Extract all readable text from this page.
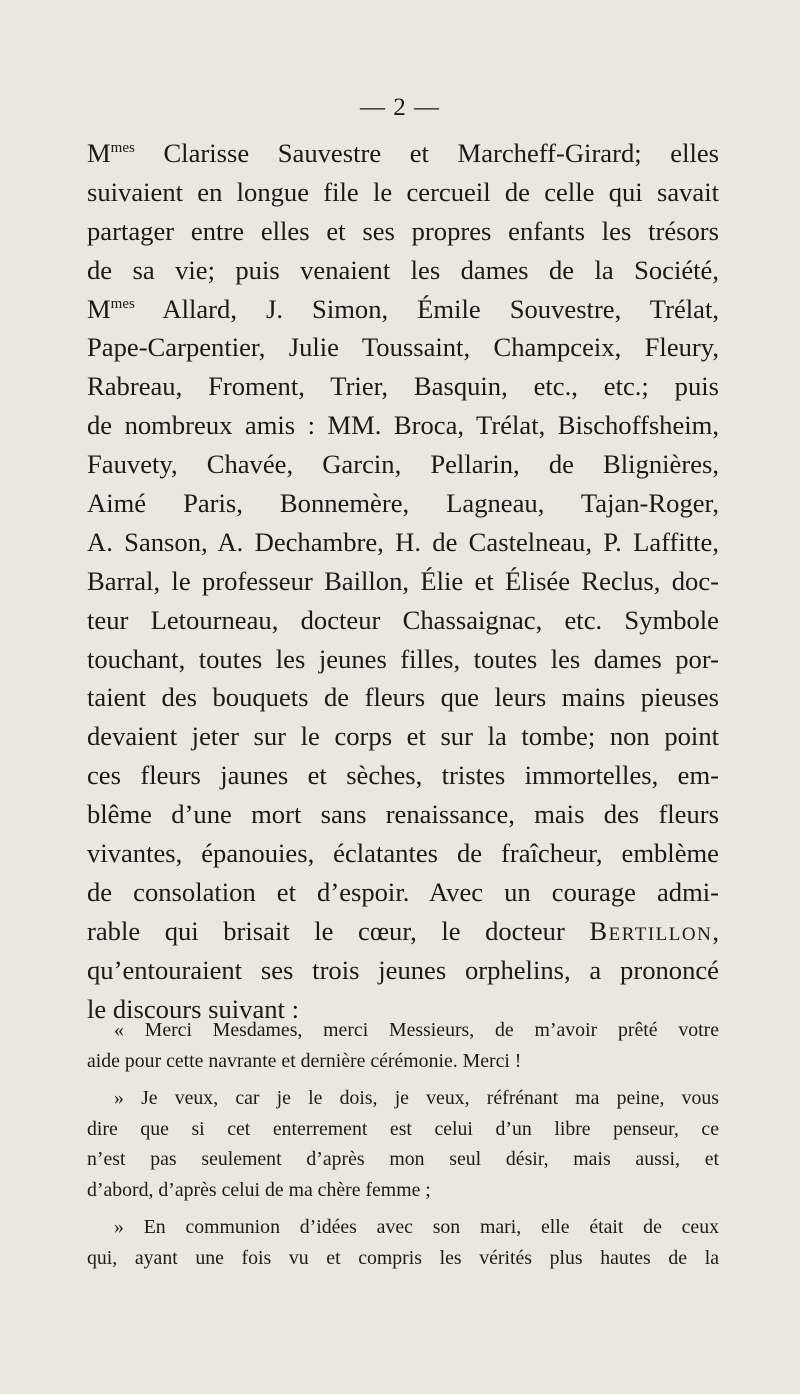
— 2 —
$M^{mes}$ Clarisse Sauvestre et Marcheff-Girard; elles
suivaient en longue file le cercueil de celle qui savait
partager entre elles et ses propres enfants les trésors
de sa vie; puis venaient les dames de la Société,
$M^{mes}$ Allard, J. Simon, Émile Souvestre, Trélat,
Pape-Carpentier, Julie Toussaint, Champceix, Fleury,
Rabreau, Froment, Trier, Basquin, etc., etc.; puis
de nombreux amis : MM. Broca, Trélat, Bischoffsheim,
Fauvety, Chavée, Garcin, Pellarin, de Blignières,
Aimé Paris, Bonnemère, Lagneau, Tajan-Roger,
A. Sanson, A. Dechambre, H. de Castelneau, P. Laffitte,
Barral, le professeur Baillon, Élie et Élisée Reclus, doc-
teur Letourneau, docteur Chassaignac, etc. Symbole
touchant, toutes les jeunes filles, toutes les dames por-
taient des bouquets de fleurs que leurs mains pieuses
devaient jeter sur le corps et sur la tombe; non point
ces fleurs jaunes et sèches, tristes immortelles, em-
blême d’une mort sans renaissance, mais des fleurs
vivantes, épanouies, éclatantes de fraîcheur, emblème
de consolation et d’espoir. Avec un courage admi-
rable qui brisait le cœur, le docteur Bertillon,
qu’entouraient ses trois jeunes orphelins, a prononcé
le discours suivant :
« Merci Mesdames, merci Messieurs, de m’avoir prêté votre
aide pour cette navrante et dernière cérémonie. Merci !
» Je veux, car je le dois, je veux, réfrénant ma peine, vous
dire que si cet enterrement est celui d’un libre penseur, ce
n’est pas seulement d’après mon seul désir, mais aussi, et
d’abord, d’après celui de ma chère femme ;
» En communion d’idées avec son mari, elle était de ceux
qui, ayant une fois vu et compris les vérités plus hautes de la
